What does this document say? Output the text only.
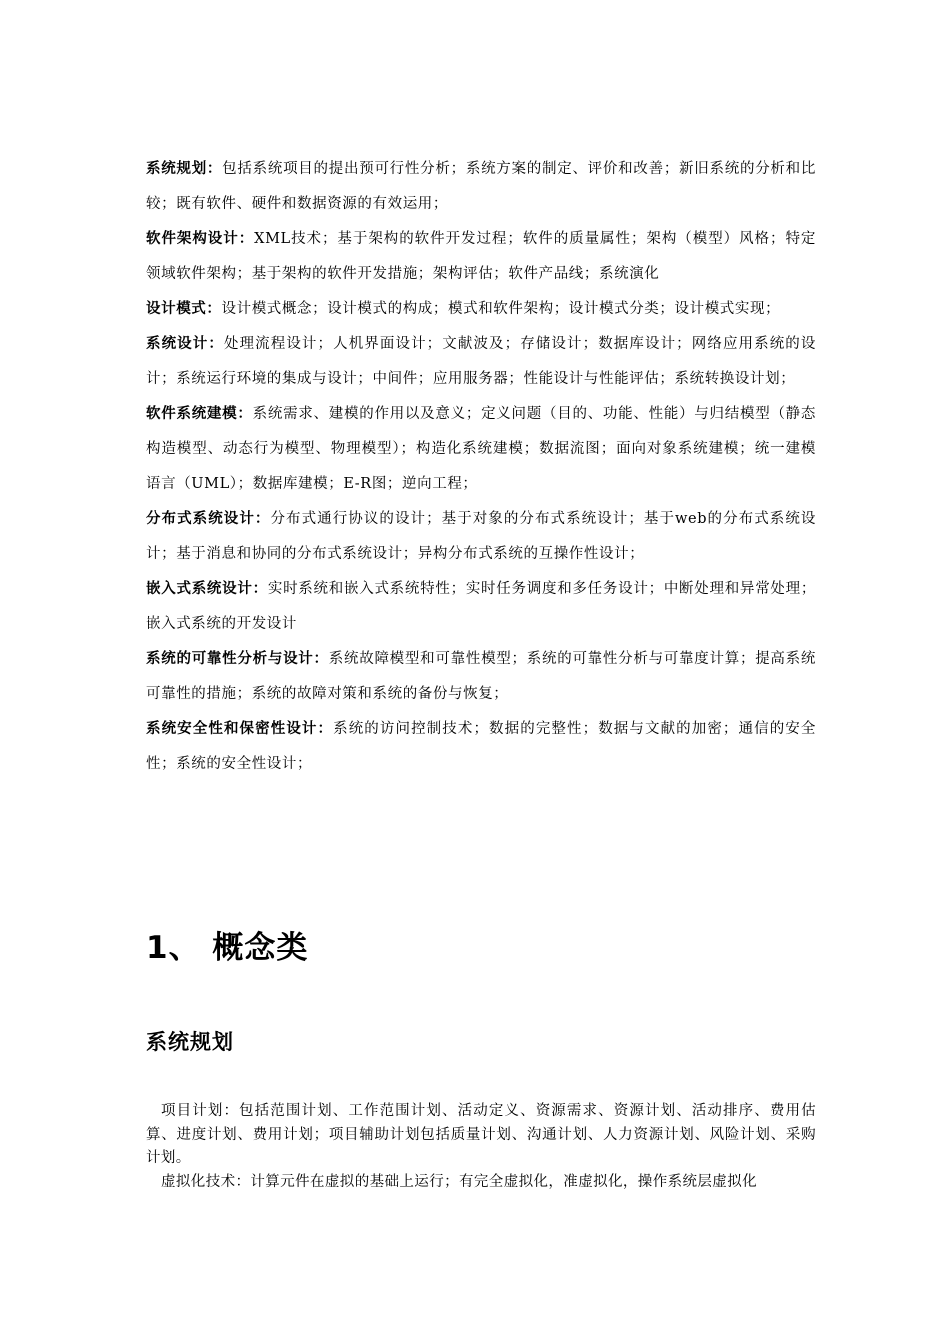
系统规划：包括系统项目的提出预可行性分析；系统方案的制定、评价和改善；新旧系统的分析和比较；既有软件、硬件和数据资源的有效运用；

软件架构设计：XML技术；基于架构的软件开发过程；软件的质量属性；架构（模型）风格；特定领域软件架构；基于架构的软件开发措施；架构评估；软件产品线；系统演化

设计模式：设计模式概念；设计模式的构成；模式和软件架构；设计模式分类；设计模式实现；

系统设计：处理流程设计；人机界面设计；文献波及；存储设计；数据库设计；网络应用系统的设计；系统运行环境的集成与设计；中间件；应用服务器；性能设计与性能评估；系统转换设计划；

软件系统建模：系统需求、建模的作用以及意义；定义问题（目的、功能、性能）与归结模型（静态构造模型、动态行为模型、物理模型）；构造化系统建模；数据流图；面向对象系统建模；统一建模语言（UML）；数据库建模；E-R图；逆向工程；

分布式系统设计：分布式通行协议的设计；基于对象的分布式系统设计；基于web的分布式系统设计；基于消息和协同的分布式系统设计；异构分布式系统的互操作性设计；

嵌入式系统设计：实时系统和嵌入式系统特性；实时任务调度和多任务设计；中断处理和异常处理；嵌入式系统的开发设计

系统的可靠性分析与设计：系统故障模型和可靠性模型；系统的可靠性分析与可靠度计算；提高系统可靠性的措施；系统的故障对策和系统的备份与恢复；

系统安全性和保密性设计：系统的访问控制技术；数据的完整性；数据与文献的加密；通信的安全性；系统的安全性设计；

1、 概念类
系统规划

项目计划：包括范围计划、工作范围计划、活动定义、资源需求、资源计划、活动排序、费用估算、进度计划、费用计划；项目辅助计划包括质量计划、沟通计划、人力资源计划、风险计划、采购计划。

虚拟化技术：计算元件在虚拟的基础上运行；有完全虚拟化，准虚拟化，操作系统层虚拟化
